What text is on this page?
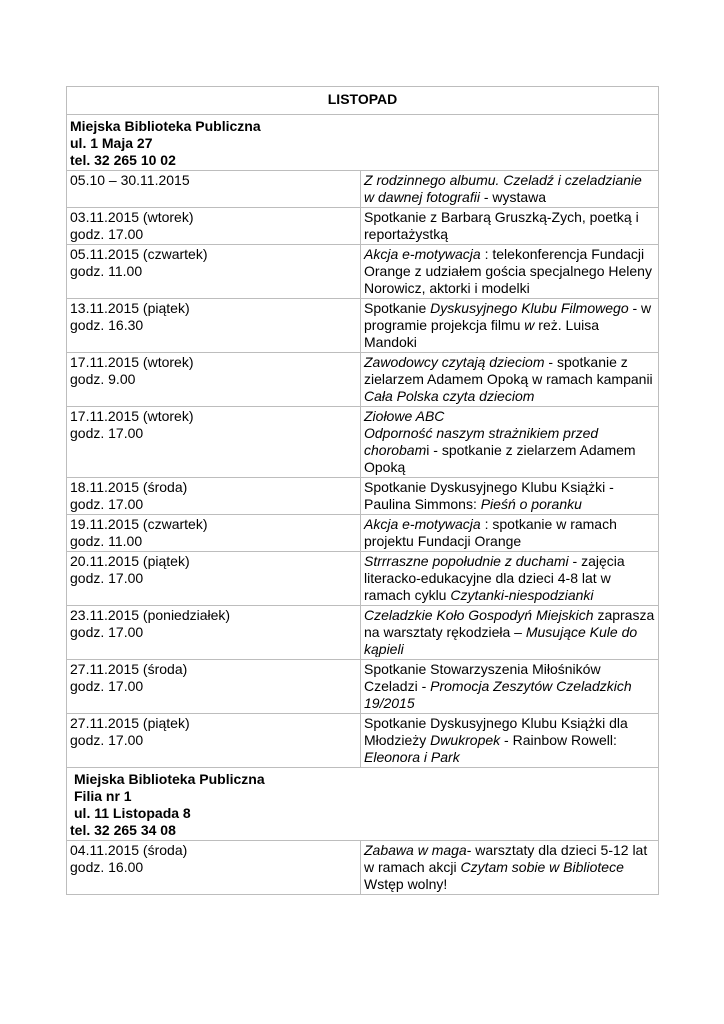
LISTOPAD	

Miejska Biblioteka Publiczna
ul. 1 Maja 27
tel. 32 265 10 02	

05.10 – 30.11.2015	Z rodzinnego albumu. Czeladź i czeladzianie w dawnej fotografii - wystawa

03.11.2015 (wtorek)
godz. 17.00	Spotkanie z Barbarą Gruszką-Zych, poetką i reportażystką

05.11.2015 (czwartek)
godz. 11.00	Akcja e-motywacja : telekonferencja Fundacji Orange z udziałem gościa specjalnego Heleny Norowicz, aktorki i modelki

13.11.2015 (piątek)
godz. 16.30	Spotkanie Dyskusyjnego Klubu Filmowego - w programie projekcja filmu w reż. Luisa Mandoki

17.11.2015 (wtorek)
godz. 9.00	Zawodowcy czytają dzieciom - spotkanie z zielarzem Adamem Opoką w ramach kampanii Cała Polska czyta dzieciom

17.11.2015 (wtorek)
godz. 17.00	Ziołowe ABC
Odporność naszym strażnikiem przed chorobami - spotkanie z zielarzem Adamem Opoką

18.11.2015 (środa)
godz. 17.00	Spotkanie Dyskusyjnego Klubu Książki - Paulina Simmons: Pieśń o poranku

19.11.2015 (czwartek)
godz. 11.00	Akcja e-motywacja : spotkanie w ramach projektu Fundacji Orange

20.11.2015 (piątek)
godz. 17.00	Strrraszne popołudnie z duchami - zajęcia literacko-edukacyjne dla dzieci 4-8 lat w ramach cyklu Czytanki-niespodzianki

23.11.2015 (poniedziałek)
godz. 17.00	Czeladzkie Koło Gospodyń Miejskich zaprasza na warsztaty rękodzieła – Musujące Kule do kąpieli

27.11.2015 (środa)
godz. 17.00	Spotkanie Stowarzyszenia Miłośników Czeladzi - Promocja Zeszytów Czeladzkich 19/2015

27.11.2015 (piątek)
godz. 17.00	Spotkanie Dyskusyjnego Klubu Książki dla Młodzieży Dwukropek - Rainbow Rowell: Eleonora i Park

Miejska Biblioteka Publiczna
Filia nr 1
ul. 11 Listopada 8
tel. 32 265 34 08	

04.11.2015 (środa)
godz. 16.00	Zabawa w maga- warsztaty dla dzieci 5-12 lat w ramach akcji Czytam sobie w Bibliotece
Wstęp wolny!
